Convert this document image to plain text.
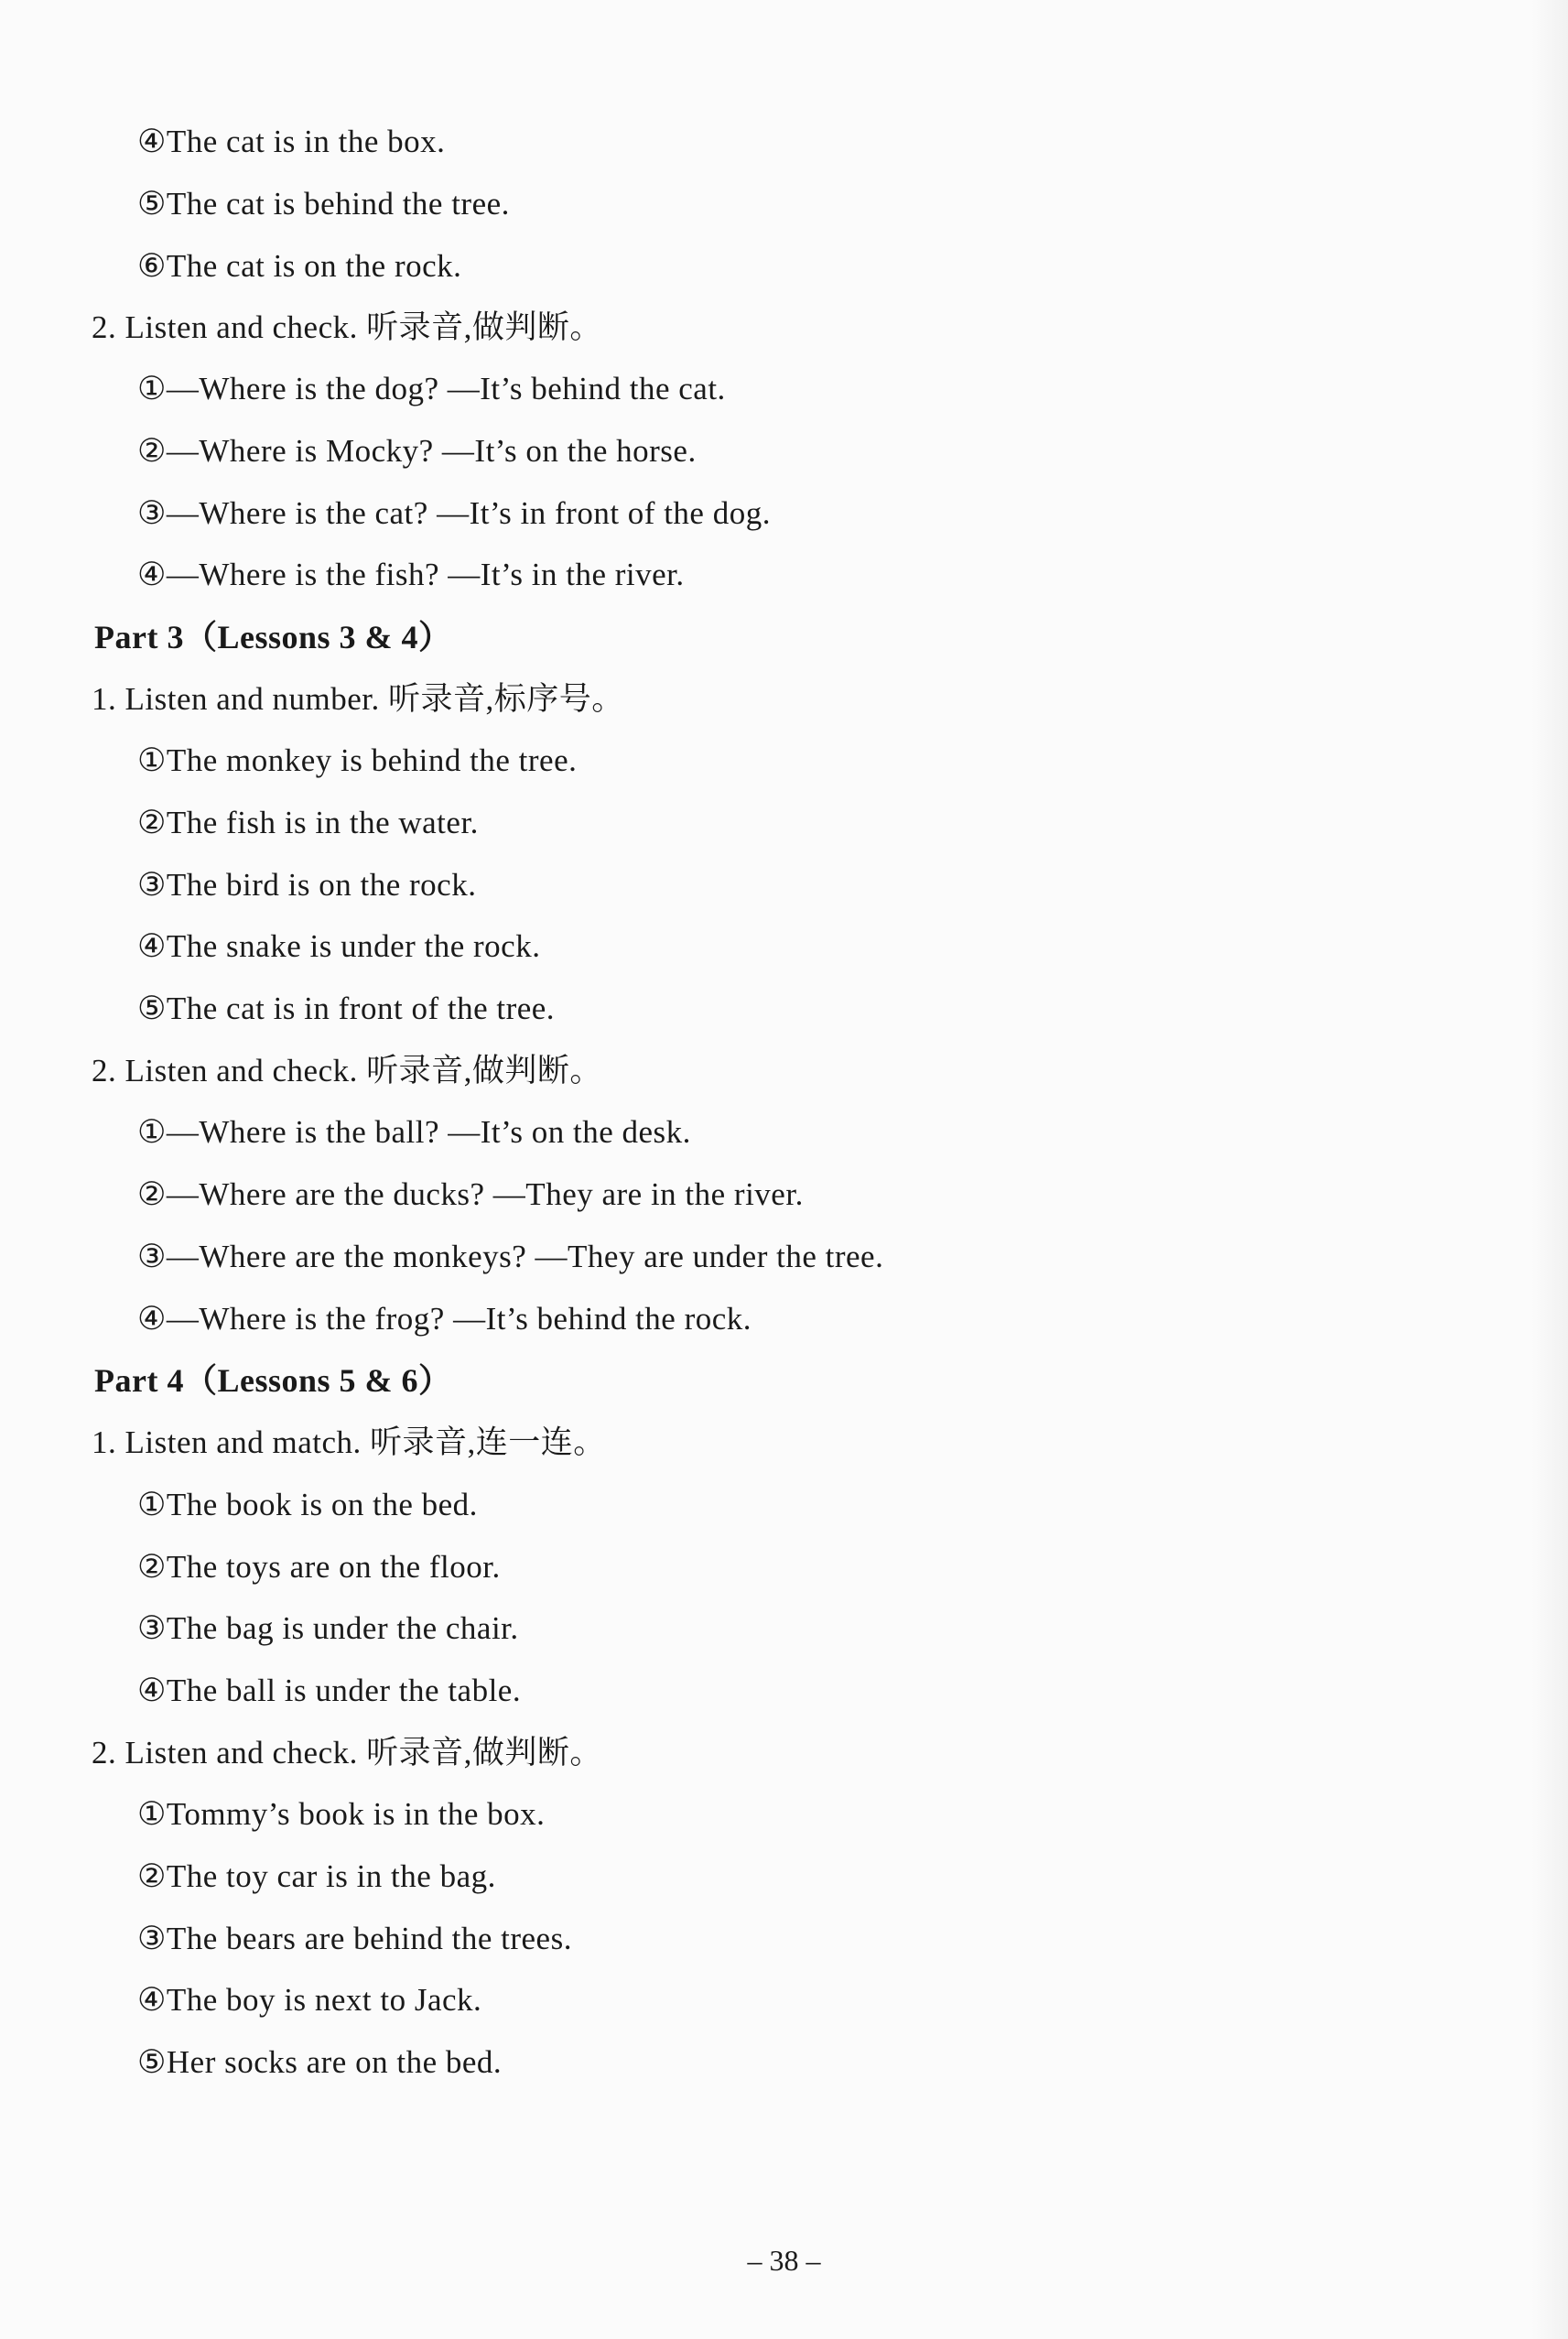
④The cat is in the box.
⑤The cat is behind the tree.
⑥The cat is on the rock.
2. Listen and check. 听录音,做判断。
①—Where is the dog? —It’s behind the cat.
②—Where is Mocky? —It’s on the horse.
③—Where is the cat? —It’s in front of the dog.
④—Where is the fish? —It’s in the river.
Part 3（Lessons 3 & 4）
1. Listen and number. 听录音,标序号。
①The monkey is behind the tree.
②The fish is in the water.
③The bird is on the rock.
④The snake is under the rock.
⑤The cat is in front of the tree.
2. Listen and check. 听录音,做判断。
①—Where is the ball? —It’s on the desk.
②—Where are the ducks? —They are in the river.
③—Where are the monkeys? —They are under the tree.
④—Where is the frog? —It’s behind the rock.
Part 4（Lessons 5 & 6）
1. Listen and match. 听录音,连一连。
①The book is on the bed.
②The toys are on the floor.
③The bag is under the chair.
④The ball is under the table.
2. Listen and check. 听录音,做判断。
①Tommy’s book is in the box.
②The toy car is in the bag.
③The bears are behind the trees.
④The boy is next to Jack.
⑤Her socks are on the bed.
– 38 –
